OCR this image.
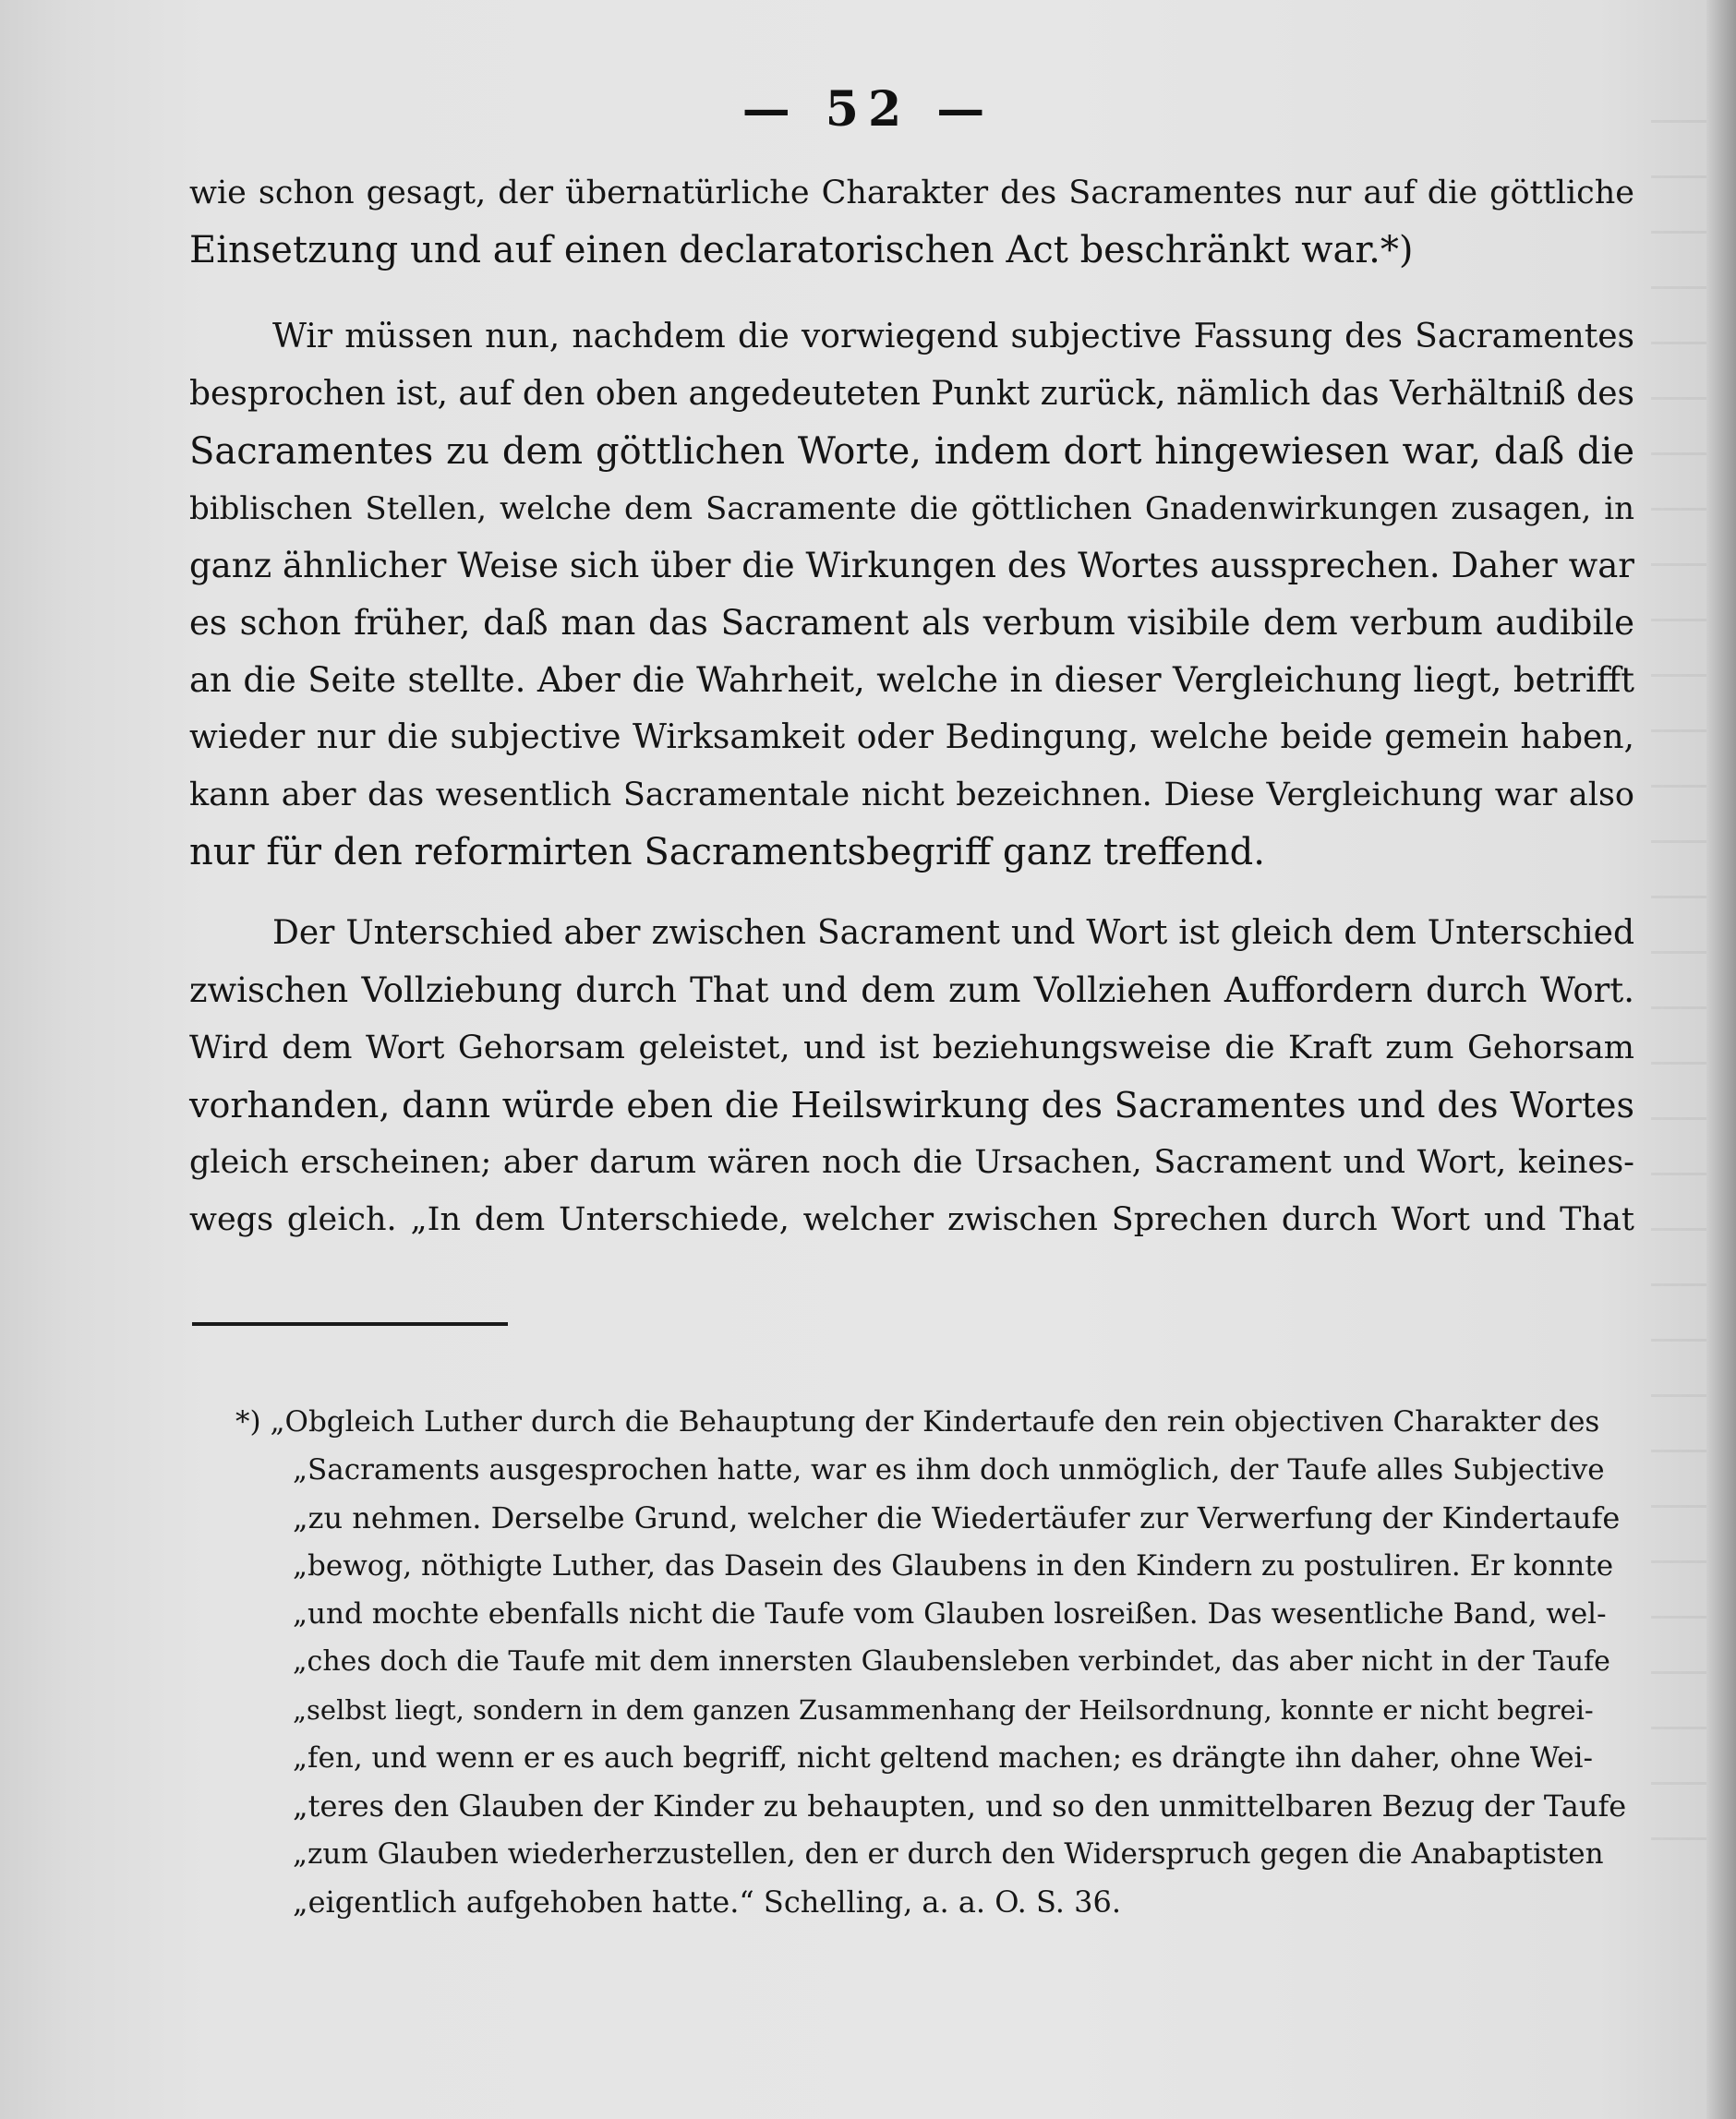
— 52 —
wie schon gesagt, der übernatürliche Charakter des Sacramentes nur auf die göttliche
Einsetzung und auf einen declaratorischen Act beschränkt war.*)
Wir müssen nun, nachdem die vorwiegend subjective Fassung des Sacramentes
besprochen ist, auf den oben angedeuteten Punkt zurück, nämlich das Verhältniß des
Sacramentes zu dem göttlichen Worte, indem dort hingewiesen war, daß die
biblischen Stellen, welche dem Sacramente die göttlichen Gnadenwirkungen zusagen, in
ganz ähnlicher Weise sich über die Wirkungen des Wortes aussprechen. Daher war
es schon früher, daß man das Sacrament als verbum visibile dem verbum audibile
an die Seite stellte. Aber die Wahrheit, welche in dieser Vergleichung liegt, betrifft
wieder nur die subjective Wirksamkeit oder Bedingung, welche beide gemein haben,
kann aber das wesentlich Sacramentale nicht bezeichnen. Diese Vergleichung war also
nur für den reformirten Sacramentsbegriff ganz treffend.
Der Unterschied aber zwischen Sacrament und Wort ist gleich dem Unterschied
zwischen Vollziebung durch That und dem zum Vollziehen Auffordern durch Wort.
Wird dem Wort Gehorsam geleistet, und ist beziehungsweise die Kraft zum Gehorsam
vorhanden, dann würde eben die Heilswirkung des Sacramentes und des Wortes
gleich erscheinen; aber darum wären noch die Ursachen, Sacrament und Wort, keines-
wegs gleich. „In dem Unterschiede, welcher zwischen Sprechen durch Wort und That
*) „Obgleich Luther durch die Behauptung der Kindertaufe den rein objectiven Charakter des
„Sacraments ausgesprochen hatte, war es ihm doch unmöglich, der Taufe alles Subjective
„zu nehmen. Derselbe Grund, welcher die Wiedertäufer zur Verwerfung der Kindertaufe
„bewog, nöthigte Luther, das Dasein des Glaubens in den Kindern zu postuliren. Er konnte
„und mochte ebenfalls nicht die Taufe vom Glauben losreißen. Das wesentliche Band, wel-
„ches doch die Taufe mit dem innersten Glaubensleben verbindet, das aber nicht in der Taufe
„selbst liegt, sondern in dem ganzen Zusammenhang der Heilsordnung, konnte er nicht begrei-
„fen, und wenn er es auch begriff, nicht geltend machen; es drängte ihn daher, ohne Wei-
„teres den Glauben der Kinder zu behaupten, und so den unmittelbaren Bezug der Taufe
„zum Glauben wiederherzustellen, den er durch den Widerspruch gegen die Anabaptisten
„eigentlich aufgehoben hatte.“ Schelling, a. a. O. S. 36.
